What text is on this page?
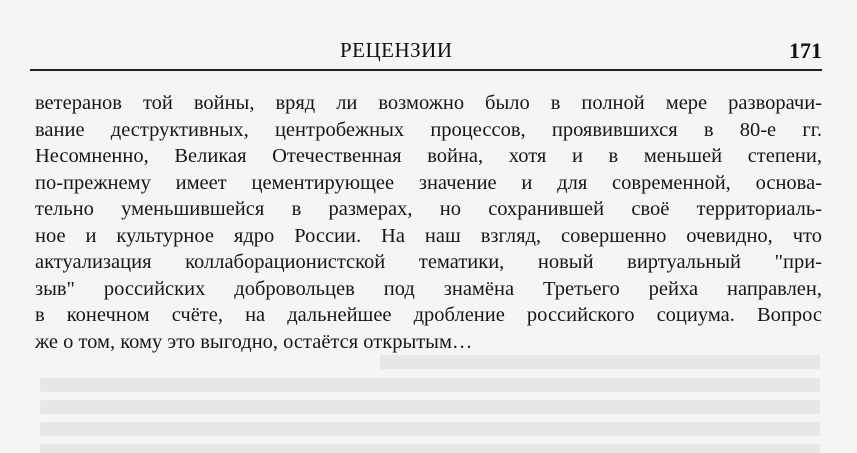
РЕЦЕНЗИИ	171
ветеранов той войны, вряд ли возможно было в полной мере разворачи-
вание деструктивных, центробежных процессов, проявившихся в 80-е гг.
Несомненно, Великая Отечественная война, хотя и в меньшей степени,
по-прежнему имеет цементирующее значение и для современной, основа-
тельно уменьшившейся в размерах, но сохранившей своё территориаль-
ное и культурное ядро России. На наш взгляд, совершенно очевидно, что
актуализация коллаборационистской тематики, новый виртуальный "при-
зыв" российских добровольцев под знамёна Третьего рейха направлен,
в конечном счёте, на дальнейшее дробление российского социума. Вопрос
же о том, кому это выгодно, остаётся открытым…
